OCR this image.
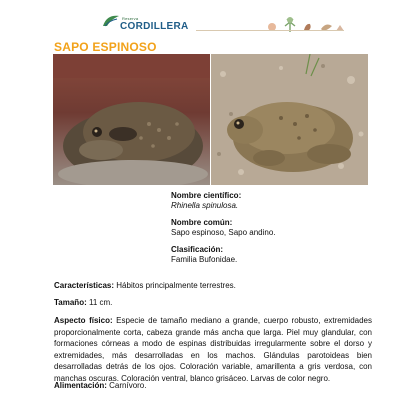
Reserva
CORDILLERA
SAPO ESPINOSO
Nombre científico:
Rhinella spinulosa.
Nombre común:
Sapo espinoso, Sapo andino.
Clasificación:
Familia Bufonidae.
Características: Hábitos principalmente terrestres.
Tamaño: 11 cm.
Aspecto físico: Especie de tamaño mediano a grande, cuerpo robusto, extremidades proporcionalmente corta, cabeza grande más ancha que larga. Piel muy glandular, con formaciones córneas a modo de espinas distribuidas irregularmente sobre el dorso y extremidades, más desarrolladas en los machos. Glándulas parotoideas bien desarrolladas detrás de los ojos. Coloración variable, amarillenta a gris verdosa, con manchas oscuras. Coloración ventral, blanco grisáceo. Larvas de color negro.
Alimentación: Carnívoro.
